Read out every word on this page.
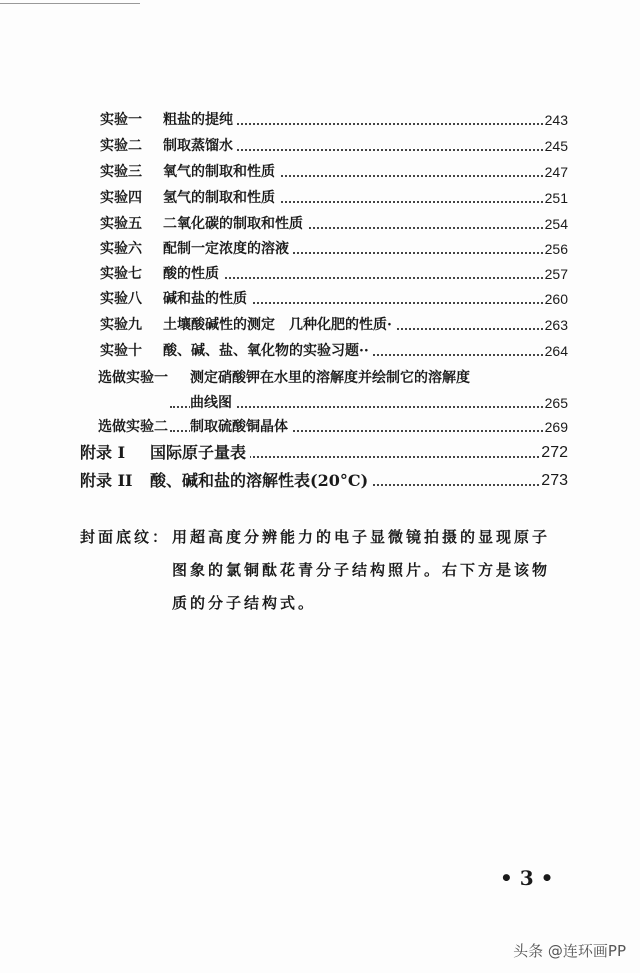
实验一 粗盐的提纯	243
实验二 制取蒸馏水	245
实验三 氧气的制取和性质	247
实验四 氢气的制取和性质	251
实验五 二氧化碳的制取和性质	254
实验六 配制一定浓度的溶液	256
实验七 酸的性质	257
实验八 碱和盐的性质	260
实验九 土壤酸碱性的测定　几种化肥的性质·	263
实验十 酸、碱、盐、氧化物的实验习题··	264
选做实验一 测定硝酸钾在水里的溶解度并绘制它的溶解度
曲线图	265
选做实验二 制取硫酸铜晶体	269
附录 I 国际原子量表	272
附录 II 酸、碱和盐的溶解性表(20°C)	273
封面底纹： 用超高度分辨能力的电子显微镜拍摄的显现原子
图象的氯铜酞花青分子结构照片。右下方是该物
质的分子结构式。
• 3 •
头条 @连环画PP
